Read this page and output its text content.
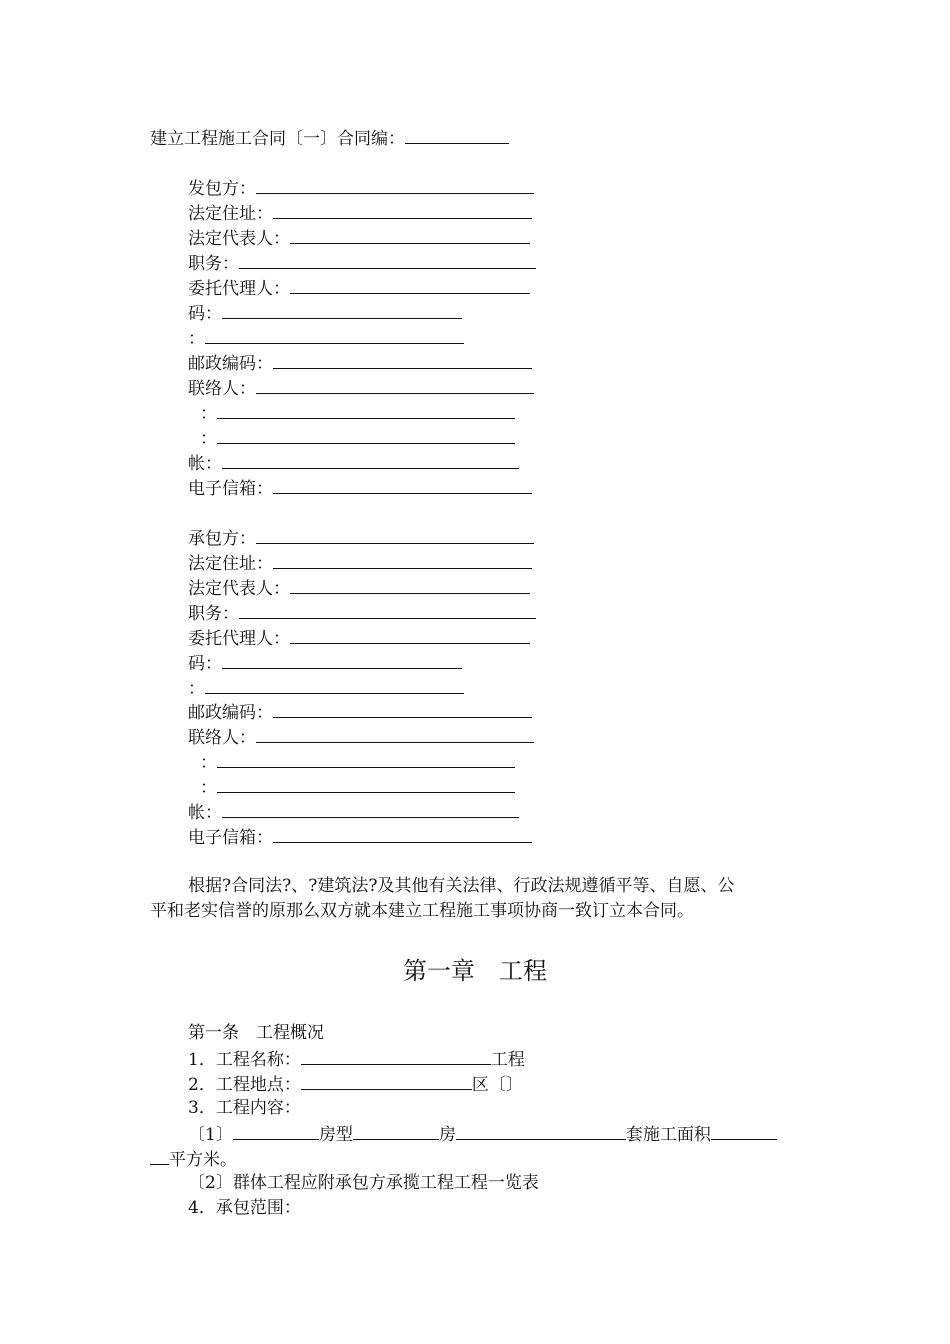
建立工程施工合同〔一〕合同编：
发包方：
法定住址：
法定代表人：
职务：
委托代理人：
码：
：
邮政编码：
联络人：
：
：
帐：
电子信箱：
承包方：
法定住址：
法定代表人：
职务：
委托代理人：
码：
：
邮政编码：
联络人：
：
：
帐：
电子信箱：
根据?合同法?、?建筑法?及其他有关法律、行政法规遵循平等、自愿、公
平和老实信誉的原那么双方就本建立工程施工事项协商一致订立本合同。
第一章　工程
第一条　工程概况
1．工程名称：	工程
2．工程地点：	区〔〕
3．工程内容：
〔1〕	房型	房	套施工面积
平方米。
〔2〕群体工程应附承包方承揽工程工程一览表
4．承包范围：
